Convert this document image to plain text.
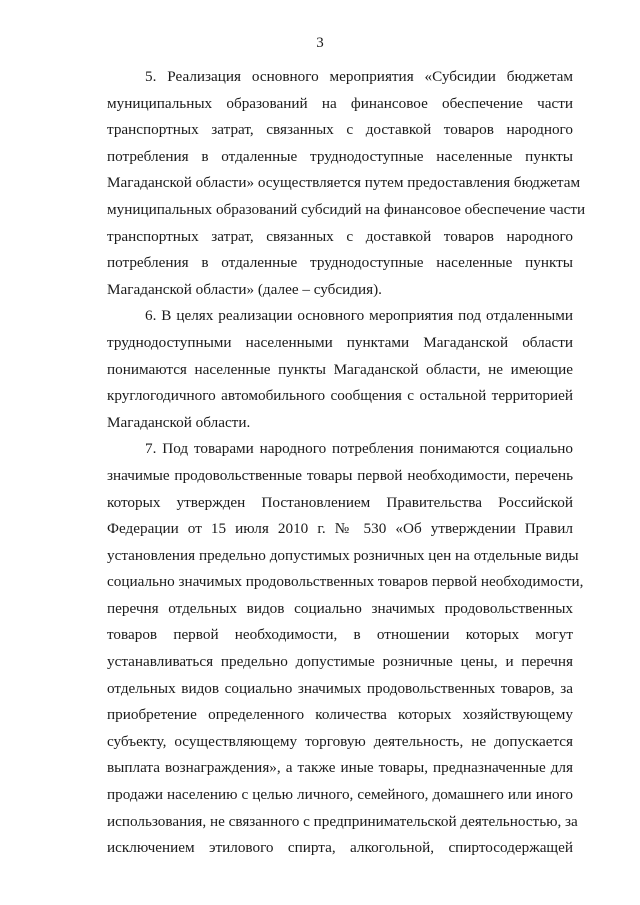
3
5. Реализация основного мероприятия «Субсидии бюджетам
муниципальных образований на финансовое обеспечение части
транспортных затрат, связанных с доставкой товаров народного
потребления в отдаленные труднодоступные населенные пункты
Магаданской области» осуществляется путем предоставления бюджетам
муниципальных образований субсидий на финансовое обеспечение части
транспортных затрат, связанных с доставкой товаров народного
потребления в отдаленные труднодоступные населенные пункты
Магаданской области» (далее – субсидия).
6. В целях реализации основного мероприятия под отдаленными
труднодоступными населенными пунктами Магаданской области
понимаются населенные пункты Магаданской области, не имеющие
круглогодичного автомобильного сообщения с остальной территорией
Магаданской области.
7. Под товарами народного потребления понимаются социально
значимые продовольственные товары первой необходимости, перечень
которых утвержден Постановлением Правительства Российской
Федерации от 15 июля 2010 г. № 530 «Об утверждении Правил
установления предельно допустимых розничных цен на отдельные виды
социально значимых продовольственных товаров первой необходимости,
перечня отдельных видов социально значимых продовольственных
товаров первой необходимости, в отношении которых могут
устанавливаться предельно допустимые розничные цены, и перечня
отдельных видов социально значимых продовольственных товаров, за
приобретение определенного количества которых хозяйствующему
субъекту, осуществляющему торговую деятельность, не допускается
выплата вознаграждения», а также иные товары, предназначенные для
продажи населению с целью личного, семейного, домашнего или иного
использования, не связанного с предпринимательской деятельностью, за
исключением этилового спирта, алкогольной, спиртосодержащей
